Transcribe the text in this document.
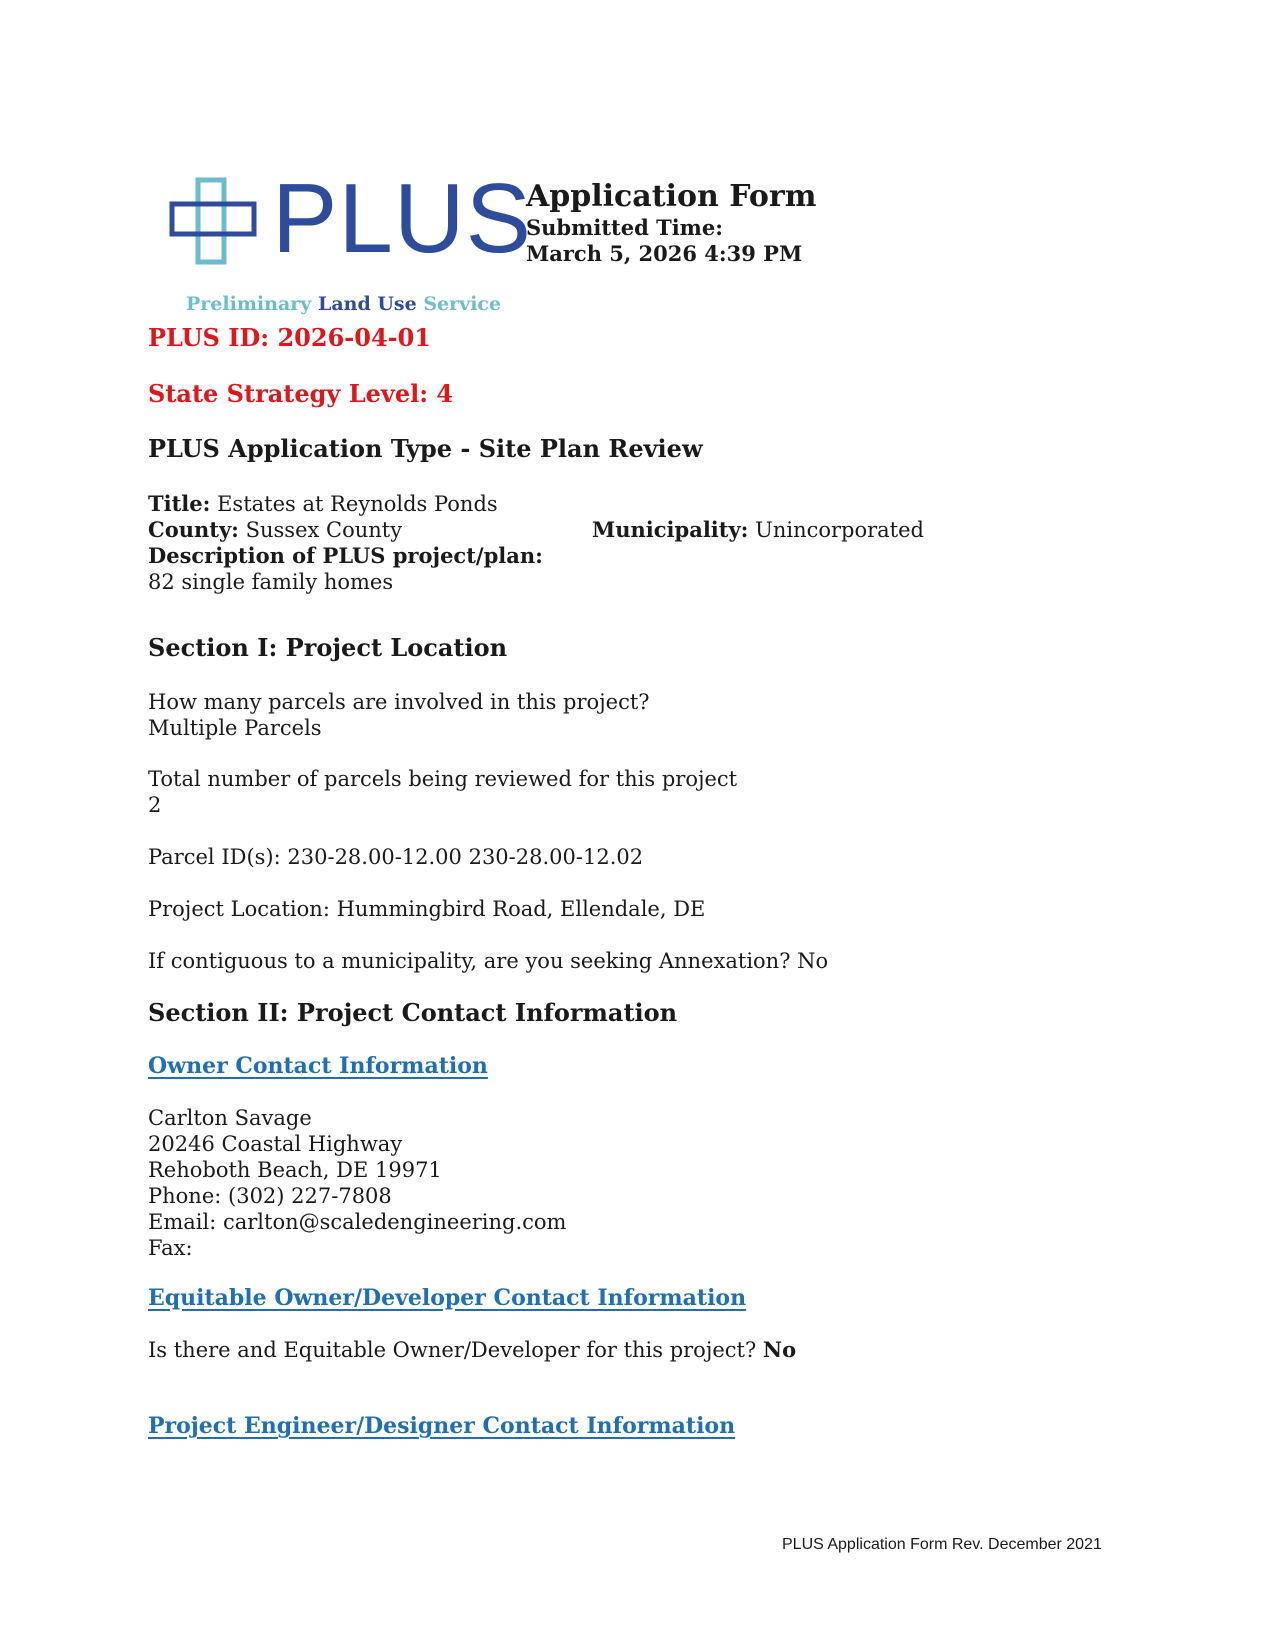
PLUS
Preliminary Land Use Service
Application Form
Submitted Time:
March 5, 2026 4:39 PM
PLUS ID: 2026-04-01
State Strategy Level: 4
PLUS Application Type - Site Plan Review
Title: Estates at Reynolds Ponds
County: Sussex County	Municipality: Unincorporated
Description of PLUS project/plan:
82 single family homes
Section I: Project Location
How many parcels are involved in this project?
Multiple Parcels
Total number of parcels being reviewed for this project
2
Parcel ID(s): 230-28.00-12.00 230-28.00-12.02
Project Location: Hummingbird Road, Ellendale, DE
If contiguous to a municipality, are you seeking Annexation? No
Section II: Project Contact Information
Owner Contact Information
Carlton Savage
20246 Coastal Highway
Rehoboth Beach, DE 19971
Phone: (302) 227-7808
Email: carlton@scaledengineering.com
Fax:
Equitable Owner/Developer Contact Information
Is there and Equitable Owner/Developer for this project? No
Project Engineer/Designer Contact Information
PLUS Application Form Rev. December 2021
